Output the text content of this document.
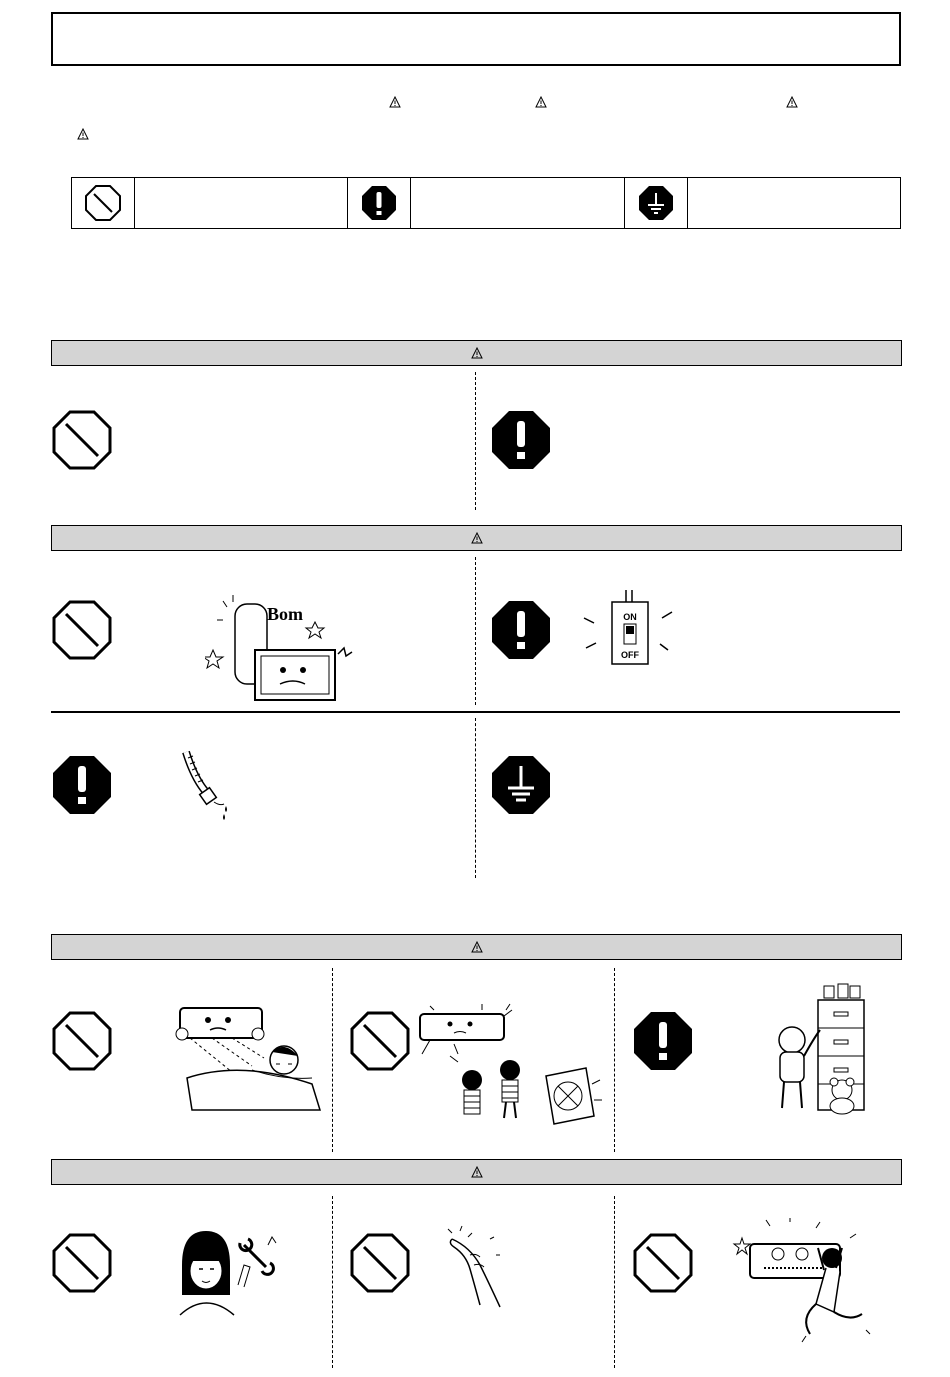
Bom	ON
OFF
